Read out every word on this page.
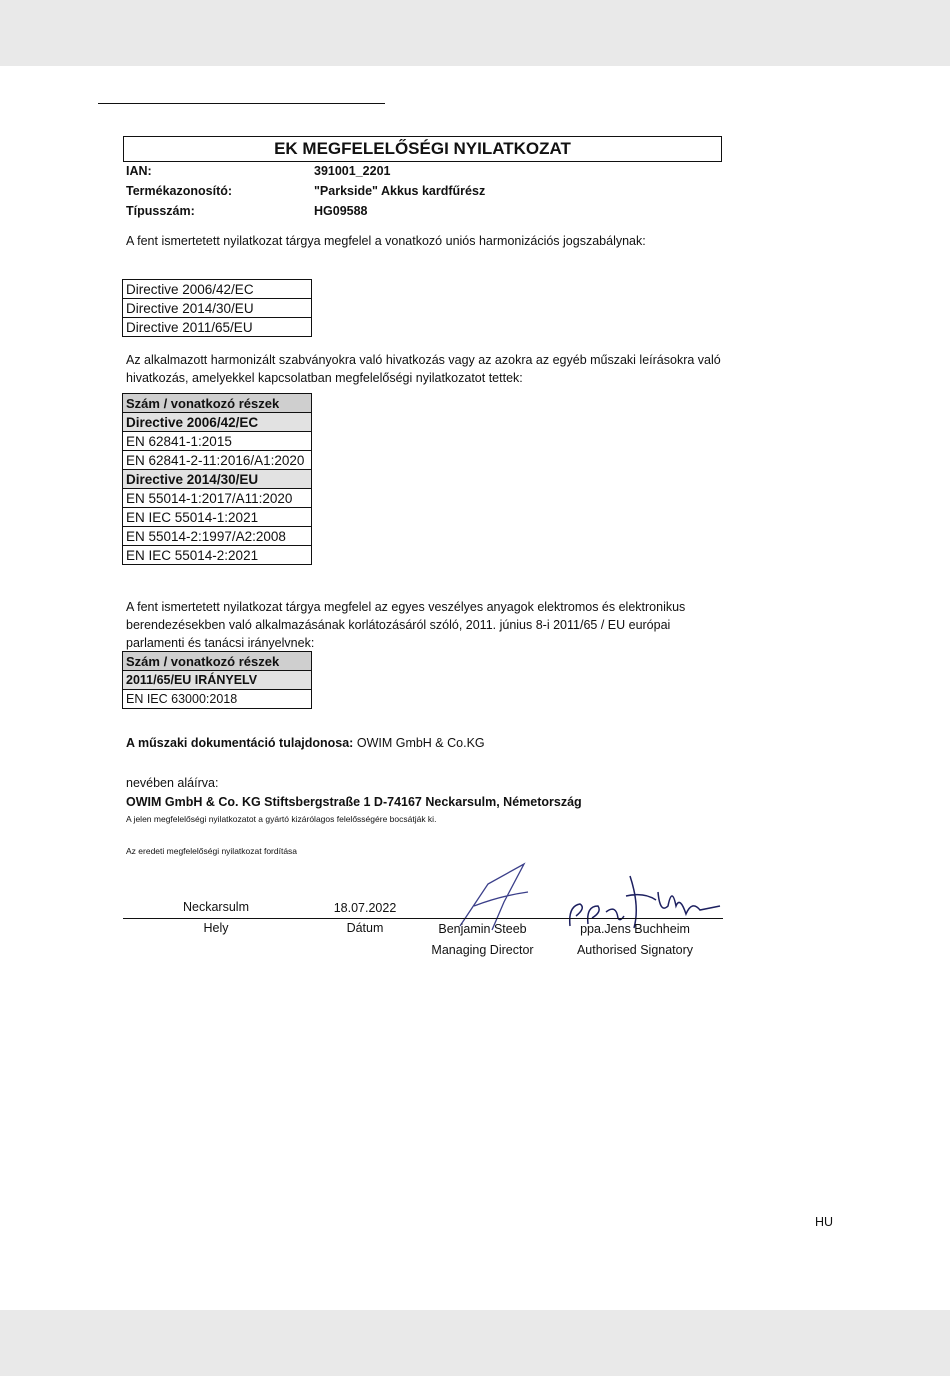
EK MEGFELELŐSÉGI NYILATKOZAT
IAN:	391001_2201
Termékazonosító:	"Parkside" Akkus kardfűrész
Típusszám:	HG09588
A fent ismertetett nyilatkozat tárgya megfelel a vonatkozó uniós harmonizációs jogszabálynak:
Directive 2006/42/EC
Directive 2014/30/EU
Directive 2011/65/EU
Az alkalmazott harmonizált szabványokra való hivatkozás vagy az azokra az egyéb műszaki leírásokra való hivatkozás, amelyekkel kapcsolatban megfelelőségi nyilatkozatot tettek:
Szám / vonatkozó részek
Directive 2006/42/EC
EN 62841-1:2015
EN 62841-2-11:2016/A1:2020
Directive 2014/30/EU
EN 55014-1:2017/A11:2020
EN IEC 55014-1:2021
EN 55014-2:1997/A2:2008
EN IEC 55014-2:2021
A fent ismertetett nyilatkozat tárgya megfelel az egyes veszélyes anyagok elektromos és elektronikus berendezésekben való alkalmazásának korlátozásáról szóló, 2011. június 8-i 2011/65 / EU európai parlamenti és tanácsi irányelvnek:
Szám / vonatkozó részek
2011/65/EU IRÁNYELV
EN IEC 63000:2018
A műszaki dokumentáció tulajdonosa: OWIM GmbH & Co.KG
nevében aláírva:
OWIM GmbH & Co. KG Stiftsbergstraße 1 D-74167 Neckarsulm, Németország
A jelen megfelelőségi nyilatkozatot a gyártó kizárólagos felelősségére bocsátják ki.
Az eredeti megfelelőségi nyilatkozat fordítása
Neckarsulm	18.07.2022
Hely	Dátum	Benjamin Steeb
Managing Director
ppa.Jens Buchheim
Authorised Signatory
HU
